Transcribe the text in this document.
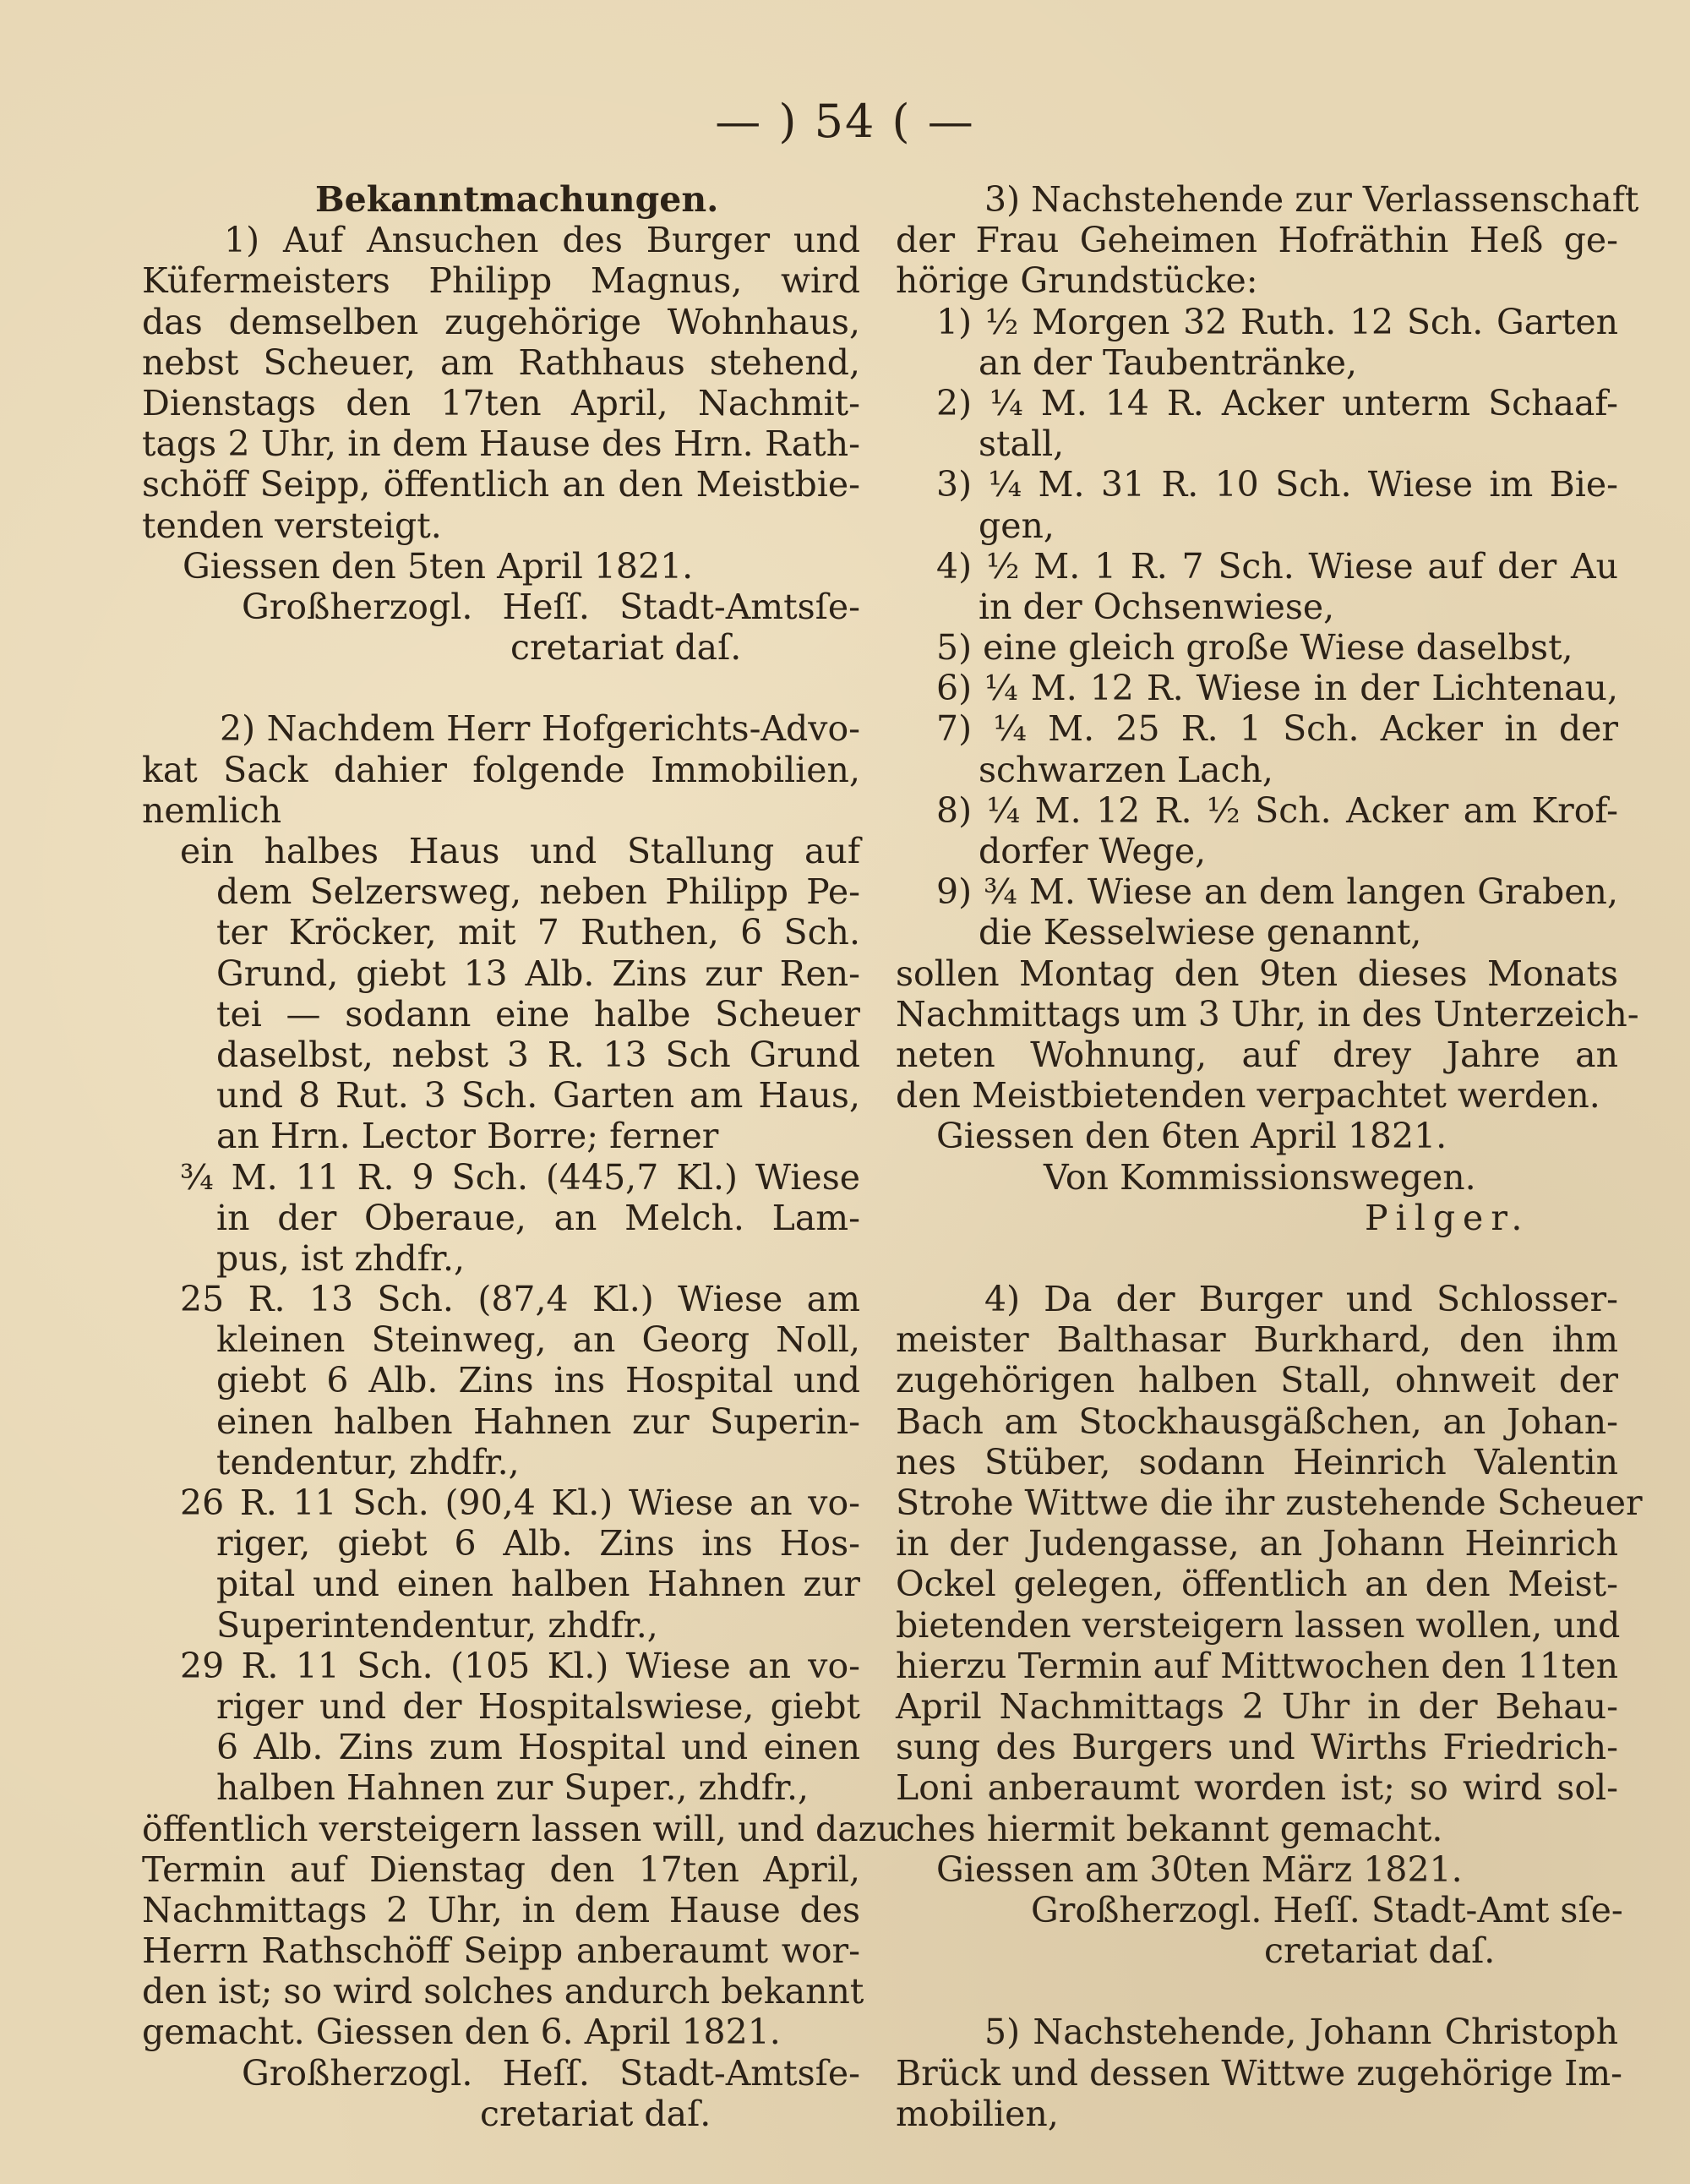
— ) 54 ( —
Bekanntmachungen.
1) Auf Ansuchen des Burger und
Küfermeisters Philipp Magnus, wird
das demselben zugehörige Wohnhaus,
nebst Scheuer, am Rathhaus stehend,
Dienstags den 17ten April, Nachmit-
tags 2 Uhr, in dem Hause des Hrn. Rath-
schöff Seipp, öffentlich an den Meistbie-
tenden versteigt.
Giessen den 5ten April 1821.
Großherzogl. Heſſ. Stadt-Amtsſe-
cretariat daſ.
2) Nachdem Herr Hofgerichts-Advo-
kat Sack dahier folgende Immobilien,
nemlich
ein halbes Haus und Stallung auf
dem Selzersweg, neben Philipp Pe-
ter Kröcker, mit 7 Ruthen, 6 Sch.
Grund, giebt 13 Alb. Zins zur Ren-
tei — sodann eine halbe Scheuer
daselbst, nebst 3 R. 13 Sch Grund
und 8 Rut. 3 Sch. Garten am Haus,
an Hrn. Lector Borre; ferner
¾ M. 11 R. 9 Sch. (445,7 Kl.) Wiese
in der Oberaue, an Melch. Lam-
pus, ist zhdfr.,
25 R. 13 Sch. (87,4 Kl.) Wiese am
kleinen Steinweg, an Georg Noll,
giebt 6 Alb. Zins ins Hospital und
einen halben Hahnen zur Superin-
tendentur, zhdfr.,
26 R. 11 Sch. (90,4 Kl.) Wiese an vo-
riger, giebt 6 Alb. Zins ins Hos-
pital und einen halben Hahnen zur
Superintendentur, zhdfr.,
29 R. 11 Sch. (105 Kl.) Wiese an vo-
riger und der Hospitalswiese, giebt
6 Alb. Zins zum Hospital und einen
halben Hahnen zur Super., zhdfr.,
öffentlich versteigern lassen will, und dazu
Termin auf Dienstag den 17ten April,
Nachmittags 2 Uhr, in dem Hause des
Herrn Rathschöff Seipp anberaumt wor-
den ist; so wird solches andurch bekannt
gemacht. Giessen den 6. April 1821.
Großherzogl. Heſſ. Stadt-Amtsſe-
cretariat daſ.
3) Nachstehende zur Verlassenschaft
der Frau Geheimen Hofräthin Heß ge-
hörige Grundstücke:
1) ½ Morgen 32 Ruth. 12 Sch. Garten
an der Taubentränke,
2) ¼ M. 14 R. Acker unterm Schaaf-
stall,
3) ¼ M. 31 R. 10 Sch. Wiese im Bie-
gen,
4) ½ M. 1 R. 7 Sch. Wiese auf der Au
in der Ochsenwiese,
5) eine gleich große Wiese daselbst,
6) ¼ M. 12 R. Wiese in der Lichtenau,
7) ¼ M. 25 R. 1 Sch. Acker in der
schwarzen Lach,
8) ¼ M. 12 R. ½ Sch. Acker am Krof-
dorfer Wege,
9) ¾ M. Wiese an dem langen Graben,
die Kesselwiese genannt,
sollen Montag den 9ten dieses Monats
Nachmittags um 3 Uhr, in des Unterzeich-
neten Wohnung, auf drey Jahre an
den Meistbietenden verpachtet werden.
Giessen den 6ten April 1821.
Von Kommissionswegen.
Pilger.
4) Da der Burger und Schlosser-
meister Balthasar Burkhard, den ihm
zugehörigen halben Stall, ohnweit der
Bach am Stockhausgäßchen, an Johan-
nes Stüber, sodann Heinrich Valentin
Strohe Wittwe die ihr zustehende Scheuer
in der Judengasse, an Johann Heinrich
Ockel gelegen, öffentlich an den Meist-
bietenden versteigern lassen wollen, und
hierzu Termin auf Mittwochen den 11ten
April Nachmittags 2 Uhr in der Behau-
sung des Burgers und Wirths Friedrich-
Loni anberaumt worden ist; so wird sol-
ches hiermit bekannt gemacht.
Giessen am 30ten März 1821.
Großherzogl. Heſſ. Stadt-Amt sſe-
cretariat daſ.
5) Nachstehende, Johann Christoph
Brück und dessen Wittwe zugehörige Im-
mobilien,
